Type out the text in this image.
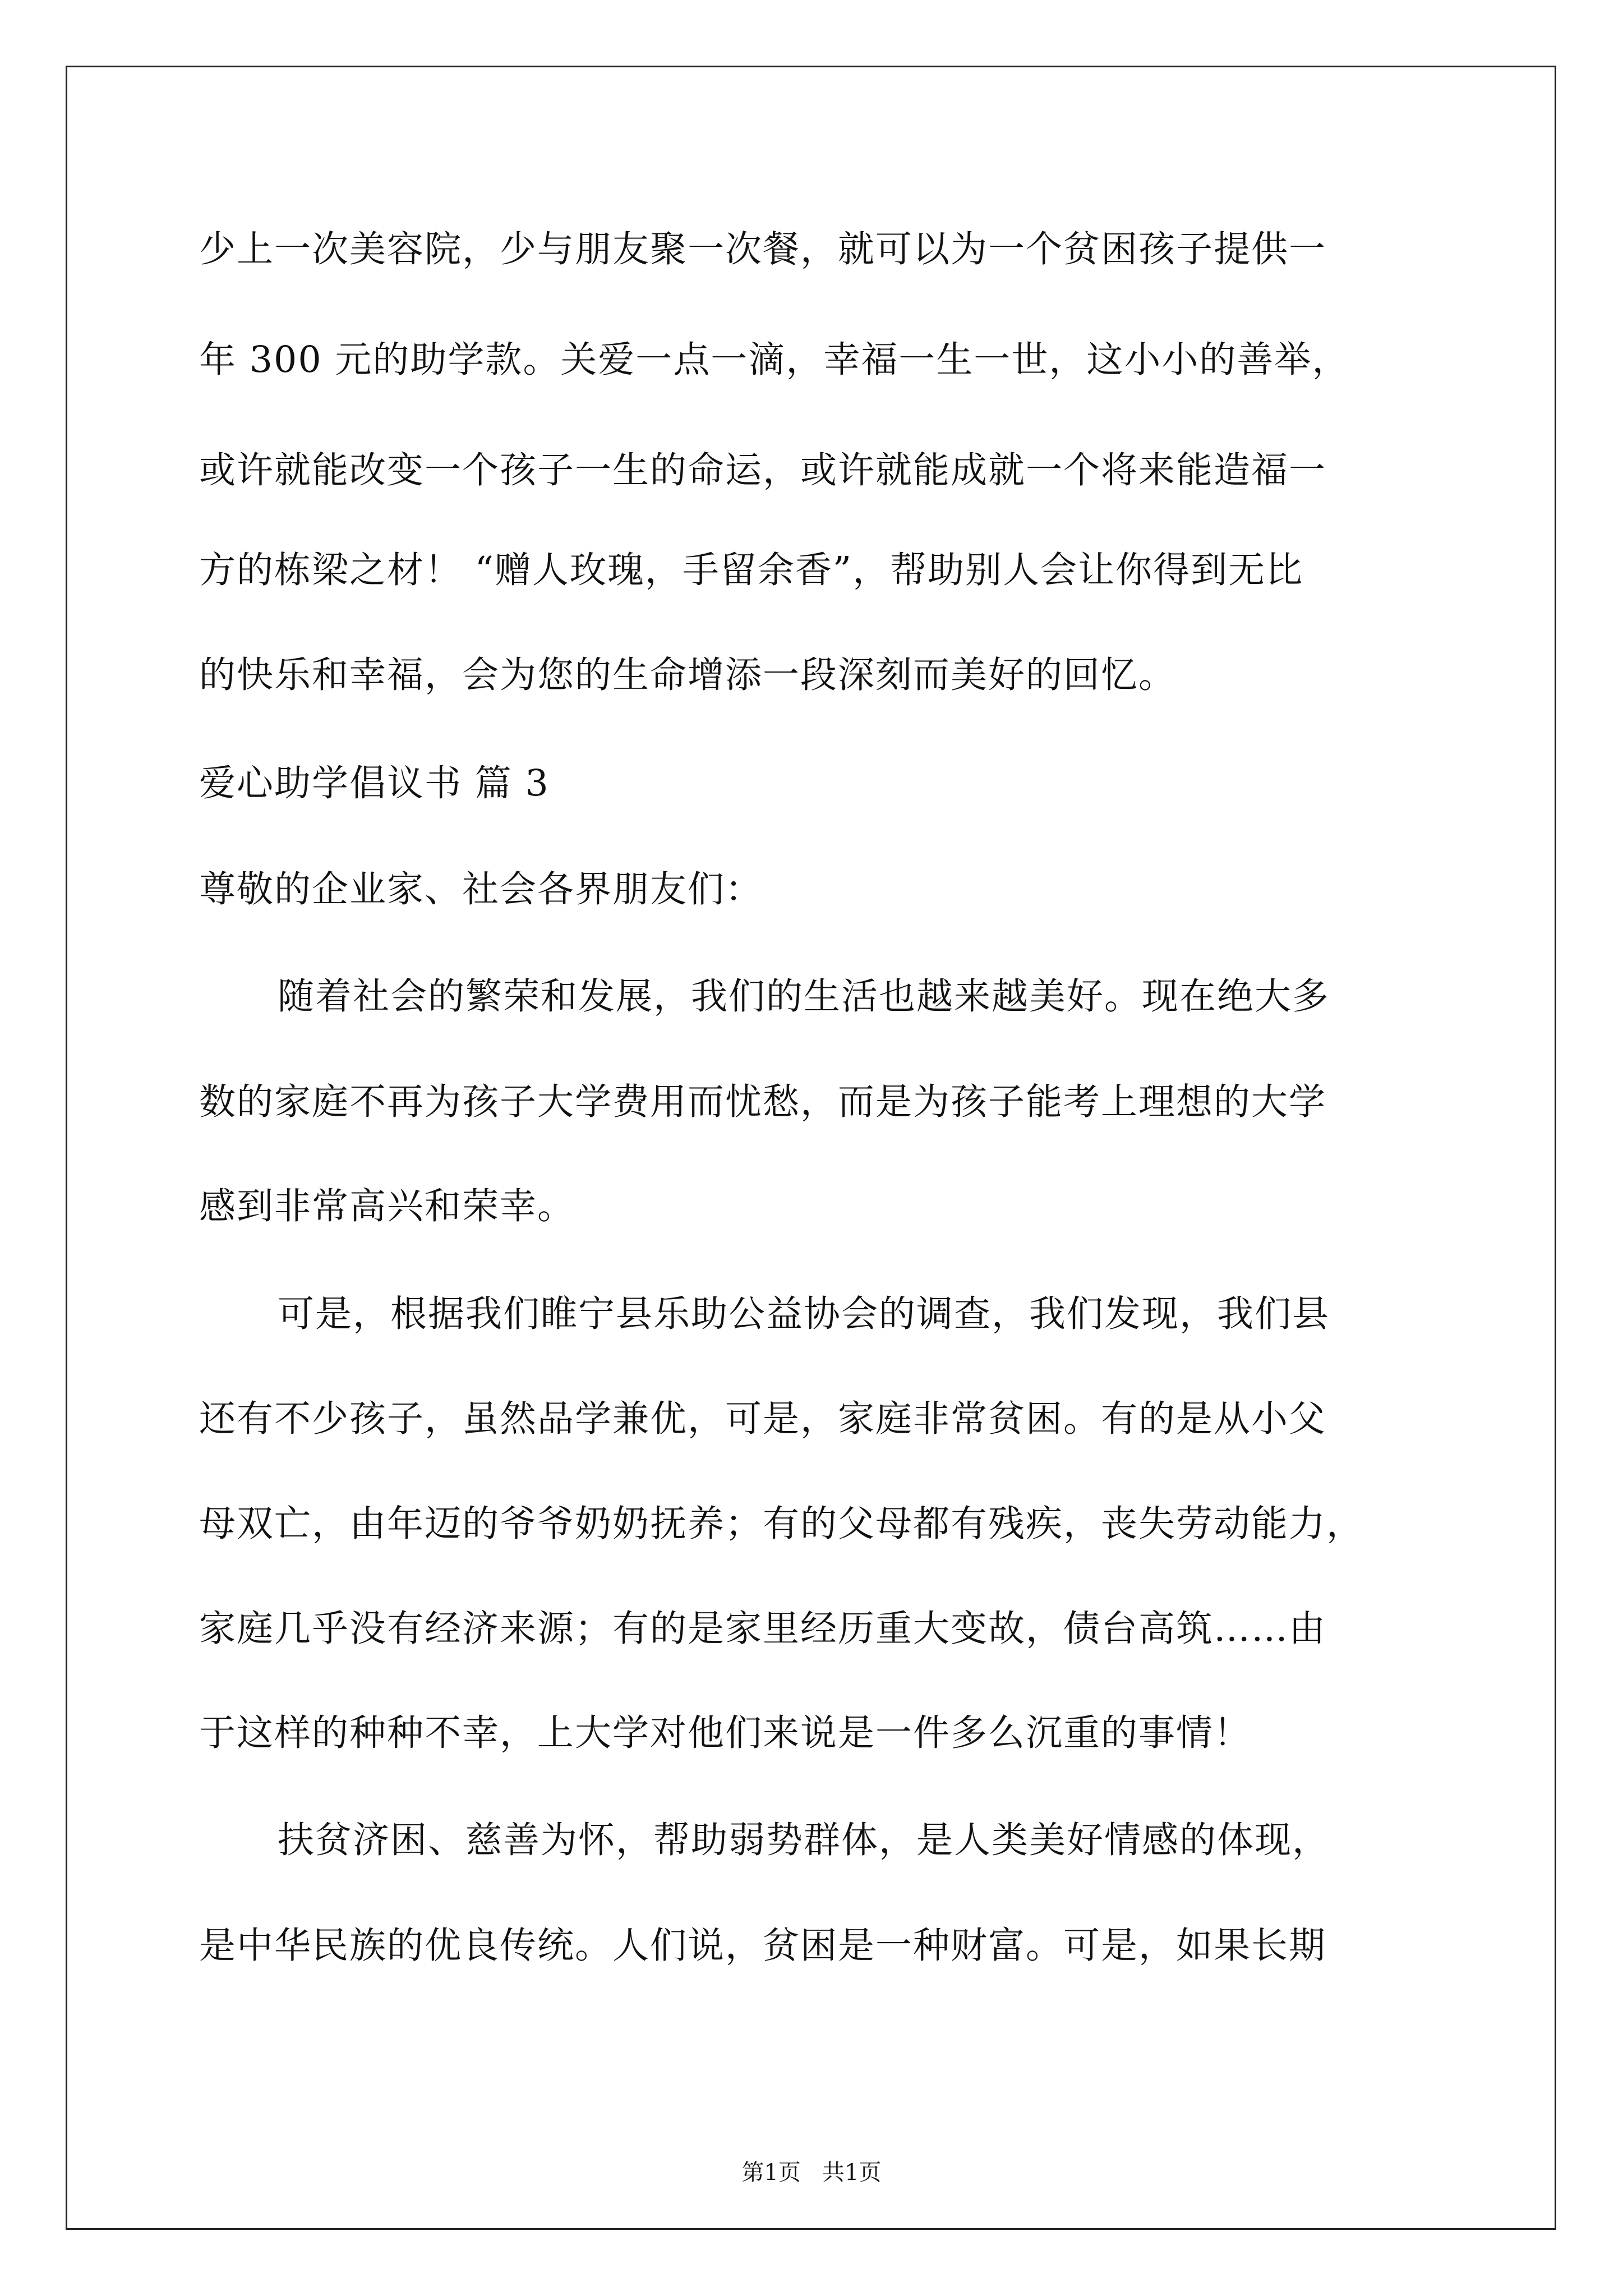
少上一次美容院，少与朋友聚一次餐，就可以为一个贫困孩子提供一
年 300 元的助学款。关爱一点一滴，幸福一生一世，这小小的善举，
或许就能改变一个孩子一生的命运，或许就能成就一个将来能造福一
方的栋梁之材！ “赠人玫瑰，手留余香”，帮助别人会让你得到无比
的快乐和幸福，会为您的生命增添一段深刻而美好的回忆。
爱心助学倡议书 篇 3
尊敬的企业家、社会各界朋友们：
随着社会的繁荣和发展，我们的生活也越来越美好。现在绝大多
数的家庭不再为孩子大学费用而忧愁，而是为孩子能考上理想的大学
感到非常高兴和荣幸。
可是，根据我们睢宁县乐助公益协会的调查，我们发现，我们县
还有不少孩子，虽然品学兼优，可是，家庭非常贫困。有的是从小父
母双亡，由年迈的爷爷奶奶抚养；有的父母都有残疾，丧失劳动能力，
家庭几乎没有经济来源；有的是家里经历重大变故，债台高筑……由
于这样的种种不幸，上大学对他们来说是一件多么沉重的事情！
扶贫济困、慈善为怀，帮助弱势群体，是人类美好情感的体现，
是中华民族的优良传统。人们说，贫困是一种财富。可是，如果长期
第1页   共1页
